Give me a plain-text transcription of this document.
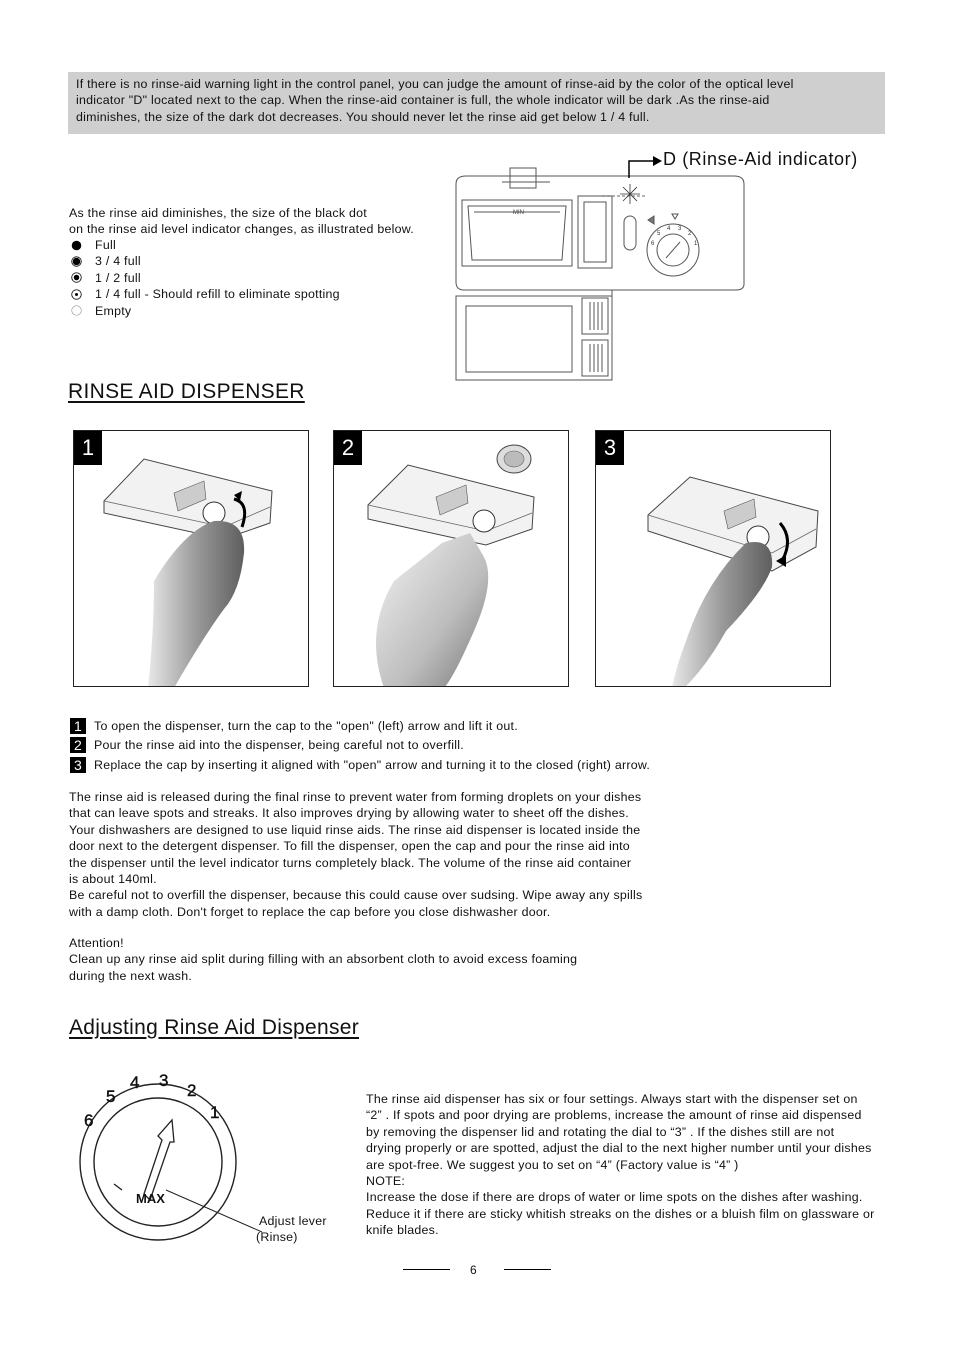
If there is no rinse-aid warning light in the control panel, you can judge the amount of rinse-aid by the color of the optical level

indicator "D" located next to the cap. When the rinse-aid container is full, the whole indicator will be dark .As the rinse-aid

diminishes, the size of the dark dot decreases. You should never let the rinse aid get below 1 / 4 full.

As the rinse aid diminishes, the size of the black dot
on the rinse aid level indicator changes, as illustrated below.
Full
3 / 4 full
1 / 2 full
1 / 4 full - Should refill to eliminate spotting
Empty
MIN
6
5
4 3
2
1
D (Rinse-Aid indicator)
RINSE AID DISPENSER
1	2	3
1 To open the dispenser, turn the cap to the "open" (left) arrow and lift it out.
2 Pour the rinse aid into the dispenser, being careful not to overfill.
3 Replace the cap by inserting it aligned with "open" arrow and turning it to the closed (right) arrow.

The rinse aid is released during the final rinse to prevent water from forming droplets on your dishes

that can leave spots and streaks. It also improves drying by allowing water to sheet off the dishes.

Your dishwashers are designed to use liquid rinse aids. The rinse aid dispenser is located inside the

door next to the detergent dispenser. To fill the dispenser, open the cap and pour the rinse aid into

the dispenser until the level indicator turns completely black. The volume of the rinse aid container

is about 140ml.

Be careful not to overfill the dispenser, because this could cause over sudsing. Wipe away any spills

with a damp cloth. Don't forget to replace the cap before you close dishwasher door.

Attention!

Clean up any rinse aid split during filling with an absorbent cloth to avoid excess foaming

during the next wash.

Adjusting Rinse Aid Dispenser
6
5
4 3
2
1
MAX
Adjust lever
(Rinse)

The rinse aid dispenser has six or four settings. Always start with the dispenser set on

“2” . If spots and poor drying are problems, increase the amount of rinse aid dispensed

by removing the dispenser lid and rotating the dial to “3” . If the dishes still are not

drying properly or are spotted, adjust the dial to the next higher number until your dishes

are spot-free. We suggest you to set on “4” (Factory value is “4” )

NOTE:

Increase the dose if there are drops of water or lime spots on the dishes after washing.

Reduce it if there are sticky whitish streaks on the dishes or a bluish film on glassware or

knife blades.

6
